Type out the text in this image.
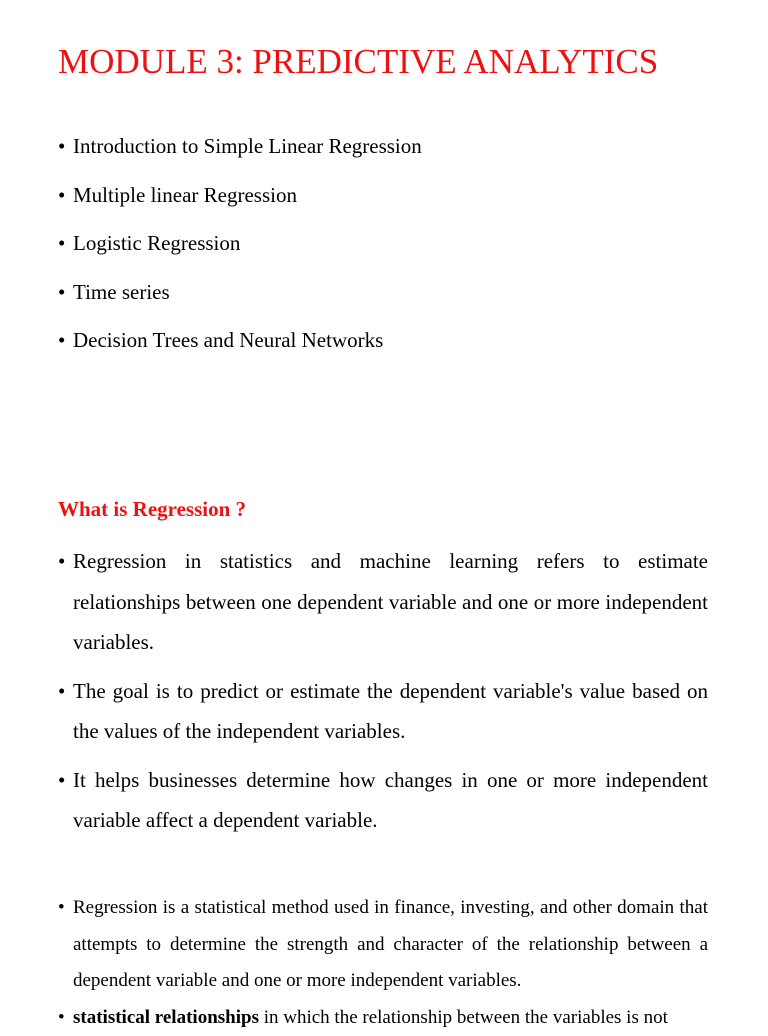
MODULE 3: PREDICTIVE ANALYTICS
• Introduction to Simple Linear Regression
• Multiple linear Regression
• Logistic Regression
• Time series
• Decision Trees and Neural Networks
What is Regression ?
• Regression in statistics and machine learning refers to estimate relationships between one dependent variable and one or more independent variables.
• The goal is to predict or estimate the dependent variable's value based on the values of the independent variables.
• It helps businesses determine how changes in one or more independent variable affect a dependent variable.
• Regression is a statistical method used in finance, investing, and other domain that attempts to determine the strength and character of the relationship between a dependent variable and one or more independent variables.
• statistical relationships in which the relationship between the variables is not
